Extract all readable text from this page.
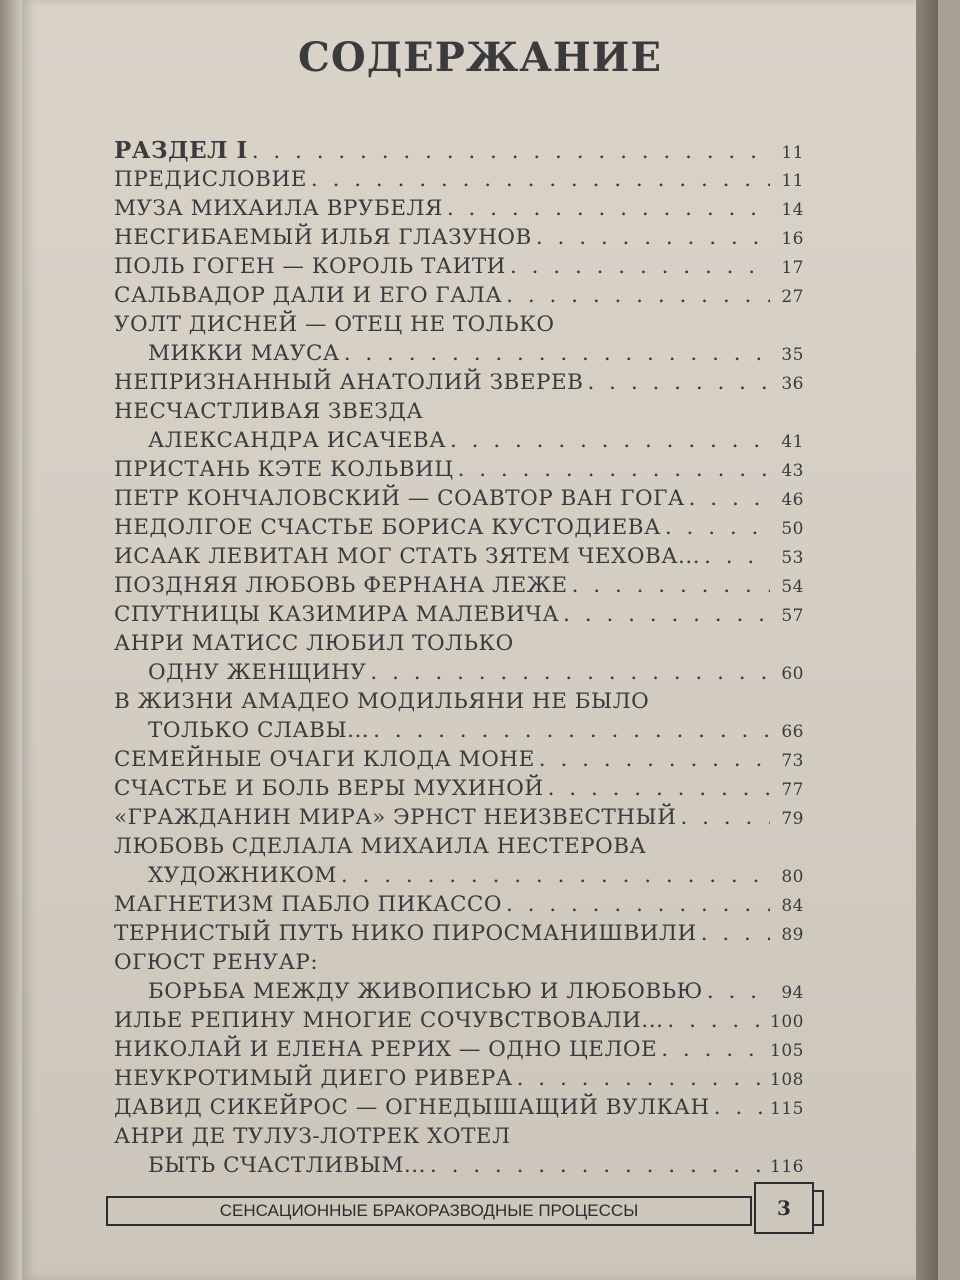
СОДЕРЖАНИЕ
РАЗДЕЛ I . . .	11
ПРЕДИСЛОВИЕ . . .	11
МУЗА МИХАИЛА ВРУБЕЛЯ . . .	14
НЕСГИБАЕМЫЙ ИЛЬЯ ГЛАЗУНОВ . . .	16
ПОЛЬ ГОГЕН — КОРОЛЬ ТАИТИ . . .	17
САЛЬВАДОР ДАЛИ И ЕГО ГАЛА . . .	27
УОЛТ ДИСНЕЙ — ОТЕЦ НЕ ТОЛЬКО
МИККИ МАУСА . . .	35
НЕПРИЗНАННЫЙ АНАТОЛИЙ ЗВЕРЕВ . . .	36
НЕСЧАСТЛИВАЯ ЗВЕЗДА
АЛЕКСАНДРА ИСАЧЕВА . . .	41
ПРИСТАНЬ КЭТЕ КОЛЬВИЦ . . .	43
ПЕТР КОНЧАЛОВСКИЙ — СОАВТОР ВАН ГОГА . . .	46
НЕДОЛГОЕ СЧАСТЬЕ БОРИСА КУСТОДИЕВА . . .	50
ИСААК ЛЕВИТАН МОГ СТАТЬ ЗЯТЕМ ЧЕХОВА... . . .	53
ПОЗДНЯЯ ЛЮБОВЬ ФЕРНАНА ЛЕЖЕ . . .	54
СПУТНИЦЫ КАЗИМИРА МАЛЕВИЧА . . .	57
АНРИ МАТИСС ЛЮБИЛ ТОЛЬКО
ОДНУ ЖЕНЩИНУ . . .	60
В ЖИЗНИ АМАДЕО МОДИЛЬЯНИ НЕ БЫЛО
ТОЛЬКО СЛАВЫ... . . .	66
СЕМЕЙНЫЕ ОЧАГИ КЛОДА МОНЕ . . .	73
СЧАСТЬЕ И БОЛЬ ВЕРЫ МУХИНОЙ . . .	77
«ГРАЖДАНИН МИРА» ЭРНСТ НЕИЗВЕСТНЫЙ . . .	79
ЛЮБОВЬ СДЕЛАЛА МИХАИЛА НЕСТЕРОВА
ХУДОЖНИКОМ . . .	80
МАГНЕТИЗМ ПАБЛО ПИКАССО . . .	84
ТЕРНИСТЫЙ ПУТЬ НИКО ПИРОСМАНИШВИЛИ . . .	89
ОГЮСТ РЕНУАР:
БОРЬБА МЕЖДУ ЖИВОПИСЬЮ И ЛЮБОВЬЮ . . .	94
ИЛЬЕ РЕПИНУ МНОГИЕ СОЧУВСТВОВАЛИ... . . .	100
НИКОЛАЙ И ЕЛЕНА РЕРИХ — ОДНО ЦЕЛОЕ . . .	105
НЕУКРОТИМЫЙ ДИЕГО РИВЕРА . . .	108
ДАВИД СИКЕЙРОС — ОГНЕДЫШАЩИЙ ВУЛКАН . . .	115
АНРИ ДЕ ТУЛУЗ-ЛОТРЕК ХОТЕЛ
БЫТЬ СЧАСТЛИВЫМ... . . .	116
СЕНСАЦИОННЫЕ БРАКОРАЗВОДНЫЕ ПРОЦЕССЫ	3
